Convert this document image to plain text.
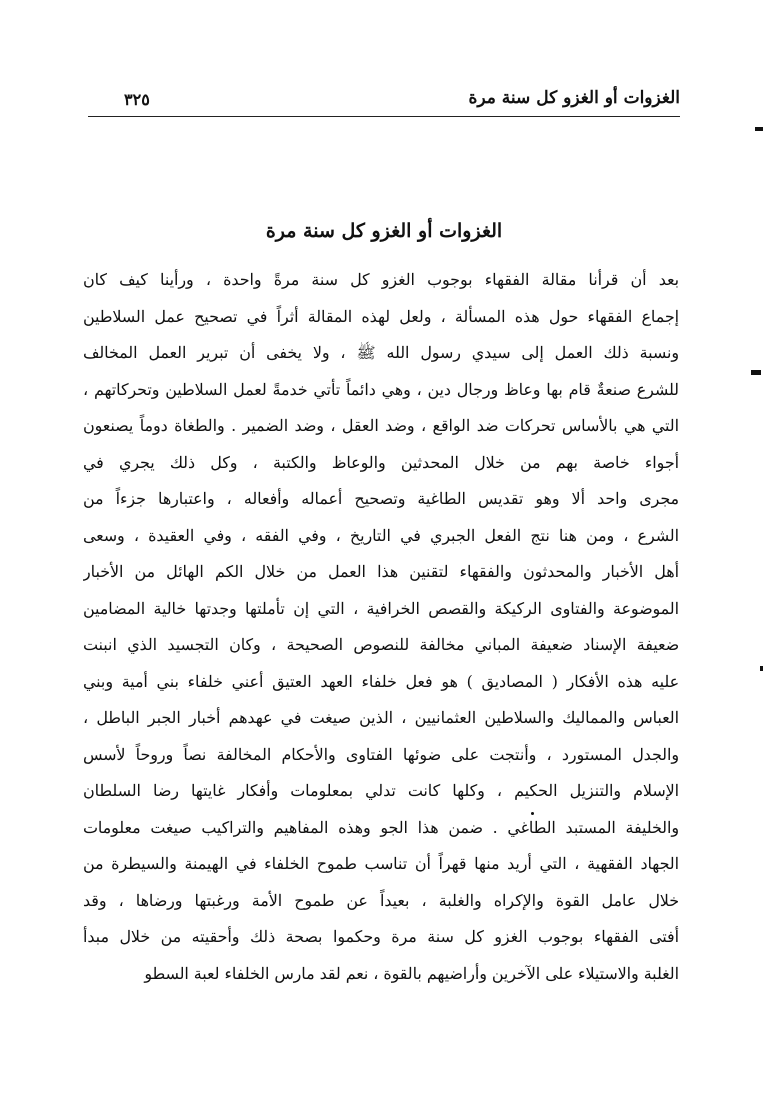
الغزوات أو الغزو كل سنة مرة
٣٢٥
الغزوات أو الغزو كل سنة مرة
بعد أن قرأنا مقالة الفقهاء بوجوب الغزو كل سنة مرةً واحدة ، ورأينا كيف كان
إجماع الفقهاء حول هذه المسألة ، ولعل لهذه المقالة أثراً في تصحيح عمل السلاطين
ونسبة ذلك العمل إلى سيدي رسول الله ﷺ ، ولا يخفى أن تبرير العمل المخالف
للشرع صنعةٌ قام بها وعاظ ورجال دين ، وهي دائماً تأتي خدمةً لعمل السلاطين وتحركاتهم ،
التي هي بالأساس تحركات ضد الواقع ، وضد العقل ، وضد الضمير . والطغاة دوماً يصنعون
أجواء خاصة بهم من خلال المحدثين والوعاظ والكتبة ، وكل ذلك يجري في
مجرى واحد ألا وهو تقديس الطاغية وتصحيح أعماله وأفعاله ، واعتبارها جزءاً من
الشرع ، ومن هنا نتج الفعل الجبري في التاريخ ، وفي الفقه ، وفي العقيدة ، وسعى
أهل الأخبار والمحدثون والفقهاء لتقنين هذا العمل من خلال الكم الهائل من الأخبار
الموضوعة والفتاوى الركيكة والقصص الخرافية ، التي إن تأملتها وجدتها خالية المضامين
ضعيفة الإسناد ضعيفة المباني مخالفة للنصوص الصحيحة ، وكان التجسيد الذي انبنت
عليه هذه الأفكار ( المصاديق ) هو فعل خلفاء العهد العتيق أعني خلفاء بني أمية وبني
العباس والمماليك والسلاطين العثمانيين ، الذين صيغت في عهدهم أخبار الجبر الباطل ،
والجدل المستورد ، وأنتجت على ضوئها الفتاوى والأحكام المخالفة نصاً وروحاً لأسس
الإسلام والتنزيل الحكيم ، وكلها كانت تدلي بمعلومات وأفكار غايتها رضا السلطان
والخليفة المستبد الطاغي . ضمن هذا الجو وهذه المفاهيم والتراكيب صيغت معلومات
الجهاد الفقهية ، التي أريد منها قهراً أن تناسب طموح الخلفاء في الهيمنة والسيطرة من
خلال عامل القوة والإكراه والغلبة ، بعيداً عن طموح الأمة ورغبتها ورضاها ، وقد
أفتى الفقهاء بوجوب الغزو كل سنة مرة وحكموا بصحة ذلك وأحقيته من خلال مبدأ
الغلبة والاستيلاء على الآخرين وأراضيهم بالقوة ، نعم لقد مارس الخلفاء لعبة السطو
